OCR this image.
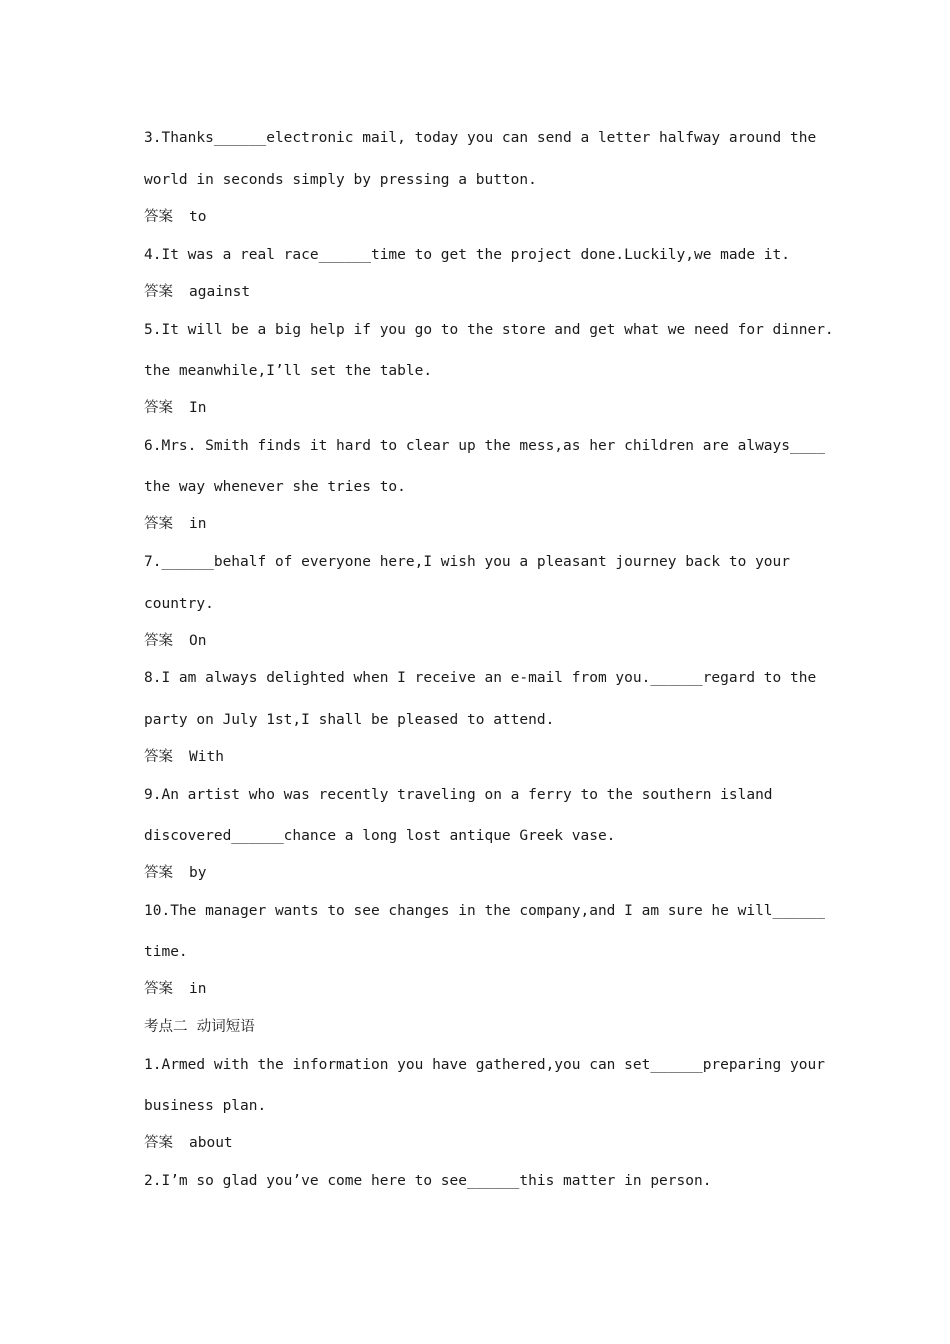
3.Thanks______electronic mail, today you can send a letter halfway around the
world in seconds simply by pressing a button.
答案 to
4.It was a real race______time to get the project done.Luckily,we made it.
答案 against
5.It will be a big help if you go to the store and get what we need for dinner.
the meanwhile,I’ll set the table.
答案 In
6.Mrs. Smith finds it hard to clear up the mess,as her children are always____
the way whenever she tries to.
答案 in
7.______behalf of everyone here,I wish you a pleasant journey back to your
country.
答案 On
8.I am always delighted when I receive an e-mail from you.______regard to the
party on July 1st,I shall be pleased to attend.
答案 With
9.An artist who was recently traveling on a ferry to the southern island
discovered______chance a long lost antique Greek vase.
答案 by
10.The manager wants to see changes in the company,and I am sure he will______
time.
答案 in
考点二  动词短语
1.Armed with the information you have gathered,you can set______preparing your
business plan.
答案 about
2.I’m so glad you’ve come here to see______this matter in person.
